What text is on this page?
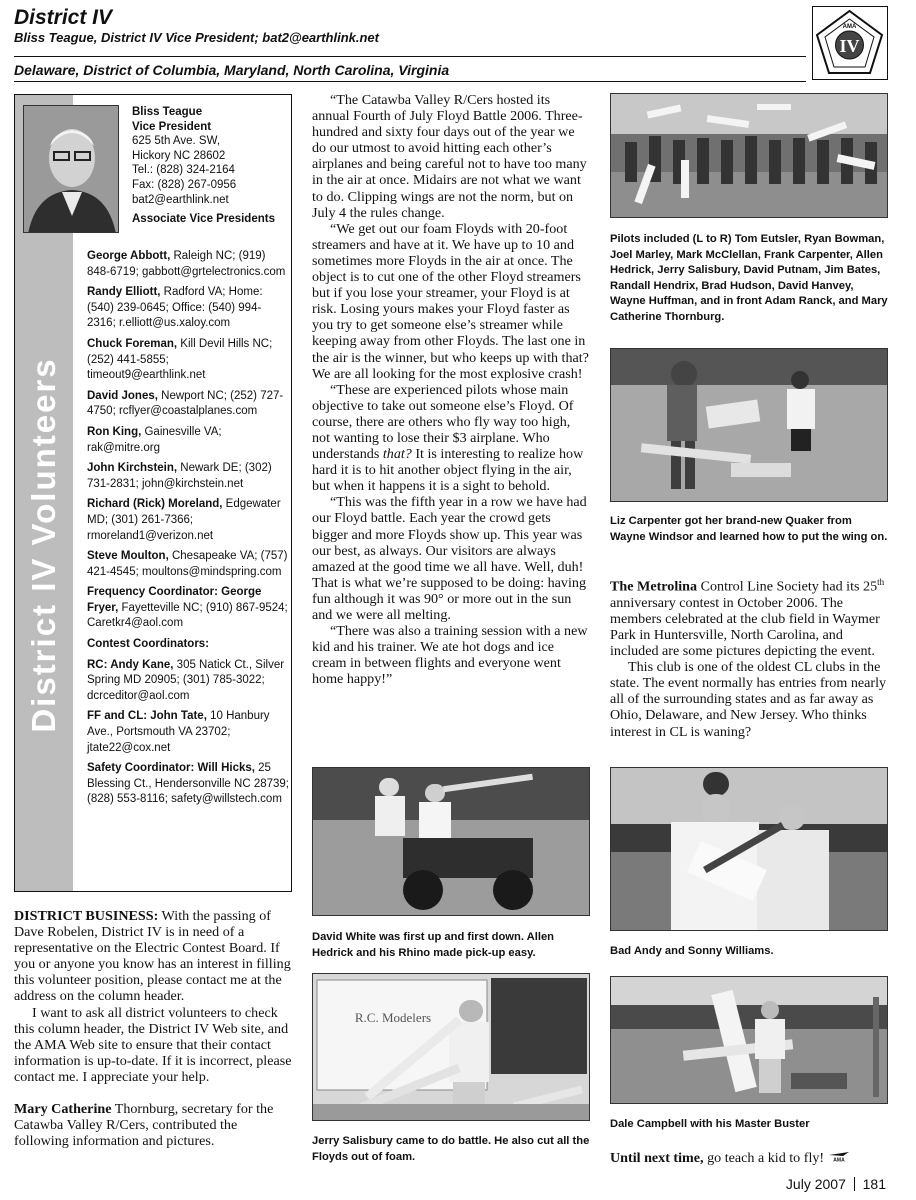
District IV
Bliss Teague, District IV Vice President; bat2@earthlink.net
Delaware, District of Columbia, Maryland, North Carolina, Virginia
IV
AMA
District IV Volunteers
Bliss Teague
Vice President
625 5th Ave. SW,
Hickory NC 28602
Tel.: (828) 324-2164
Fax: (828) 267-0956
bat2@earthlink.net
Associate Vice Presidents
George Abbott, Raleigh NC; (919) 848-6719; gabbott@grtelectronics.com
Randy Elliott, Radford VA; Home: (540) 239-0645; Office: (540) 994-2316; r.elliott@us.xaloy.com
Chuck Foreman, Kill Devil Hills NC; (252) 441-5855; timeout9@earthlink.net
David Jones, Newport NC; (252) 727-4750; rcflyer@coastalplanes.com
Ron King, Gainesville VA; rak@mitre.org
John Kirchstein, Newark DE; (302) 731-2831; john@kirchstein.net
Richard (Rick) Moreland, Edgewater MD; (301) 261-7366; rmoreland1@verizon.net
Steve Moulton, Chesapeake VA; (757) 421-4545; moultons@mindspring.com
Frequency Coordinator: George Fryer, Fayetteville NC; (910) 867-9524; Caretkr4@aol.com
Contest Coordinators:
RC: Andy Kane, 305 Natick Ct., Silver Spring MD 20905; (301) 785-3022; dcrceditor@aol.com
FF and CL: John Tate, 10 Hanbury Ave., Portsmouth VA 23702; jtate22@cox.net
Safety Coordinator: Will Hicks, 25 Blessing Ct., Hendersonville NC 28739; (828) 553-8116; safety@willstech.com

DISTRICT BUSINESS: With the passing of Dave Robelen, District IV is in need of a representative on the Electric Contest Board. If you or anyone you know has an interest in filling this volunteer position, please contact me at the address on the column header.

I want to ask all district volunteers to check this column header, the District IV Web site, and the AMA Web site to ensure that their contact information is up-to-date. If it is incorrect, please contact me. I appreciate your help.

Mary Catherine Thornburg, secretary for the Catawba Valley R/Cers, contributed the following information and pictures.

“The Catawba Valley R/Cers hosted its annual Fourth of July Floyd Battle 2006. Three-hundred and sixty four days out of the year we do our utmost to avoid hitting each other’s airplanes and being careful not to have too many in the air at once. Midairs are not what we want to do. Clipping wings are not the norm, but on July 4 the rules change.

“We get out our foam Floyds with 20-foot streamers and have at it. We have up to 10 and sometimes more Floyds in the air at once. The object is to cut one of the other Floyd streamers but if you lose your streamer, your Floyd is at risk. Losing yours makes your Floyd faster as you try to get someone else’s streamer while keeping away from other Floyds. The last one in the air is the winner, but who keeps up with that? We are all looking for the most explosive crash!

“These are experienced pilots whose main objective to take out someone else’s Floyd. Of course, there are others who fly way too high, not wanting to lose their $3 airplane. Who understands that? It is interesting to realize how hard it is to hit another object flying in the air, but when it happens it is a sight to behold.

“This was the fifth year in a row we have had our Floyd battle. Each year the crowd gets bigger and more Floyds show up. This year was our best, as always. Our visitors are always amazed at the good time we all have. Well, duh! That is what we’re supposed to be doing: having fun although it was 90° or more out in the sun and we were all melting.

“There was also a training session with a new kid and his trainer. We ate hot dogs and ice cream in between flights and everyone went home happy!”

Pilots included (L to R) Tom Eutsler, Ryan Bowman, Joel Marley, Mark McClellan, Frank Carpenter, Allen Hedrick, Jerry Salisbury, David Putnam, Jim Bates, Randall Hendrix, Brad Hudson, David Hanvey, Wayne Huffman, and in front Adam Ranck, and Mary Catherine Thornburg.
Liz Carpenter got her brand-new Quaker from Wayne Windsor and learned how to put the wing on.

The Metrolina Control Line Society had its 25th anniversary contest in October 2006. The members celebrated at the club field in Waymer Park in Huntersville, North Carolina, and included are some pictures depicting the event.

This club is one of the oldest CL clubs in the state. The event normally has entries from nearly all of the surrounding states and as far away as Ohio, Delaware, and New Jersey. Who thinks interest in CL is waning?

David White was first up and first down. Allen Hedrick and his Rhino made pick-up easy.	Bad Andy and Sonny Williams.
R.C. Modelers
Jerry Salisbury came to do battle. He also cut all the Floyds out of foam.
Dale Campbell with his Master Buster
Until next time, go teach a kid to fly! AMA
July 2007 181
